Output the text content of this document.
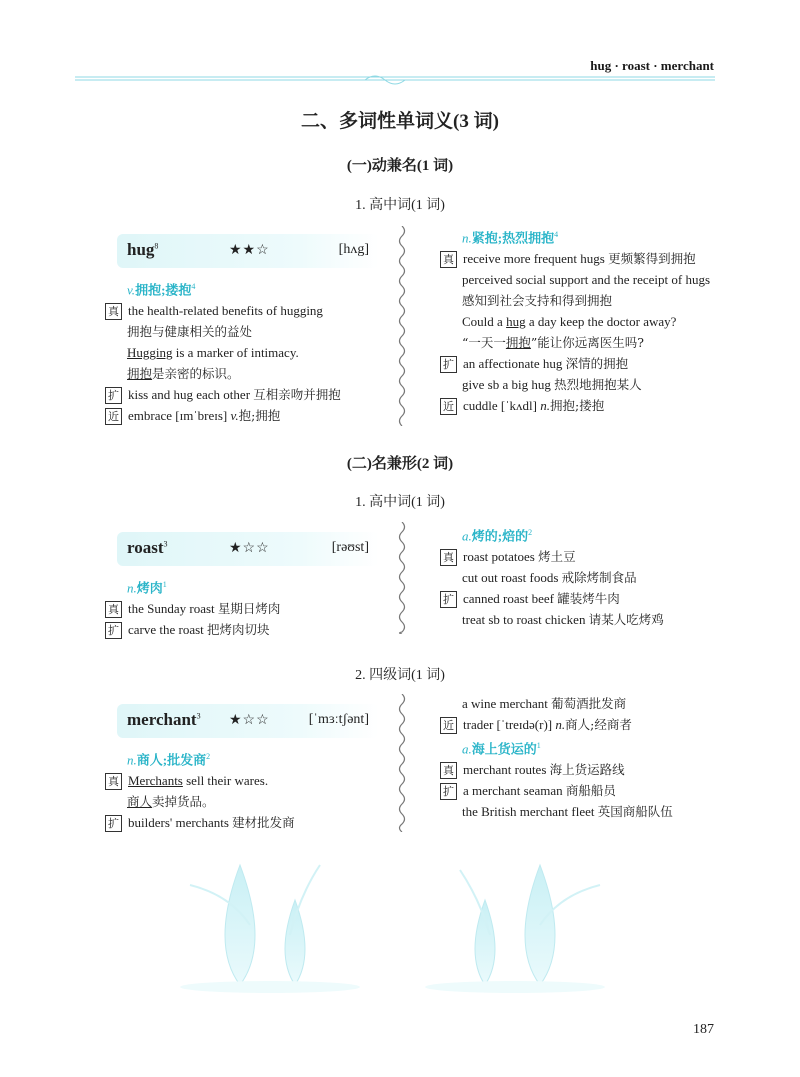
hug · roast · merchant
二、多词性单词义(3 词)
(一)动兼名(1 词)
1. 高中词(1 词)
hug$^8$	★★☆	[hʌg]
v.拥抱;搂抱$^4$
真 the health-related benefits of hugging
拥抱与健康相关的益处
Hugging is a marker of intimacy.
拥抱是亲密的标识。
扩 kiss and hug each other 互相亲吻并拥抱
近 embrace [ɪmˈbreɪs] v.抱;拥抱
n.紧抱;热烈拥抱$^4$
真 receive more frequent hugs 更频繁得到拥抱
perceived social support and the receipt of hugs
感知到社会支持和得到拥抱
Could a hug a day keep the doctor away?
“一天一拥抱”能让你远离医生吗?
扩 an affectionate hug 深情的拥抱
give sb a big hug 热烈地拥抱某人
近 cuddle [ˈkʌdl] n.拥抱;搂抱
(二)名兼形(2 词)
1. 高中词(1 词)
roast$^3$	★☆☆	[rəʊst]
n.烤肉$^1$
真 the Sunday roast 星期日烤肉
扩 carve the roast 把烤肉切块
a.烤的;焙的$^2$
真 roast potatoes 烤土豆
cut out roast foods 戒除烤制食品
扩 canned roast beef 罐装烤牛肉
treat sb to roast chicken 请某人吃烤鸡
2. 四级词(1 词)
merchant$^3$ ★☆☆	[ˈmɜːtʃənt]
n.商人;批发商$^2$
真 Merchants sell their wares.
商人卖掉货品。
扩 builders' merchants 建材批发商
a wine merchant 葡萄酒批发商
近 trader [ˈtreɪdə(r)] n.商人;经商者
a.海上货运的$^1$
真 merchant routes 海上货运路线
扩 a merchant seaman 商船船员
the British merchant fleet 英国商船队伍
187
